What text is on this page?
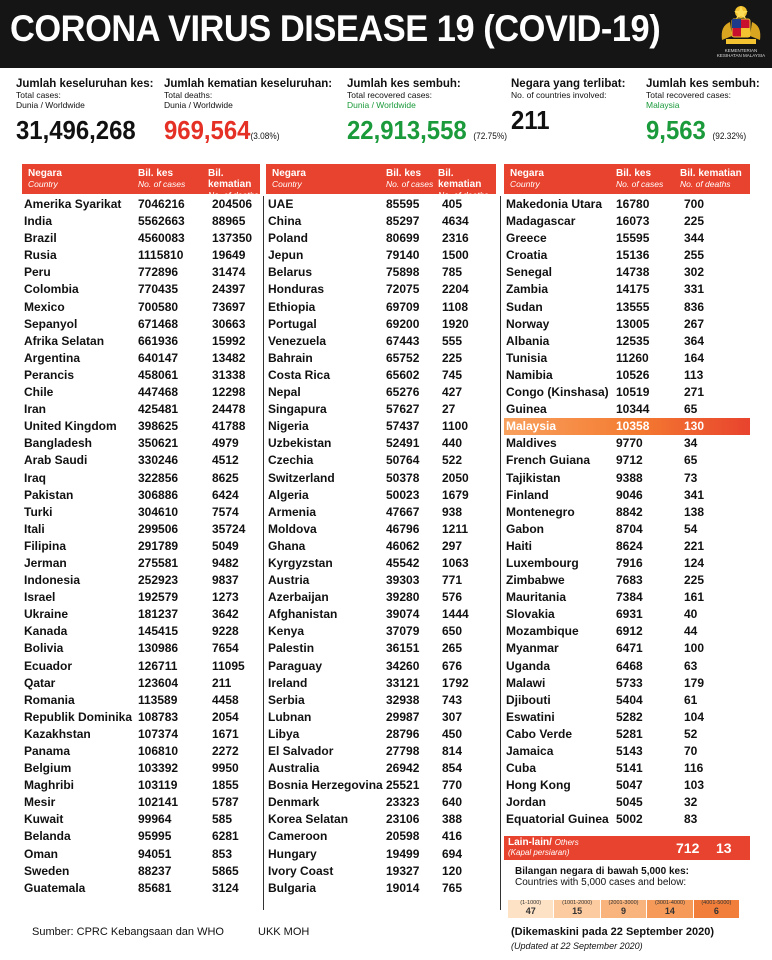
CORONA VIRUS DISEASE 19 (COVID-19)
KEMENTERIAN KESIHATAN MALAYSIA
Jumlah keseluruhan kes:
Total cases:
Dunia / Worldwide
31,496,268
Jumlah kematian keseluruhan:
Total deaths:
Dunia / Worldwide
969,564(3.08%)
Jumlah kes sembuh:
Total recovered cases:
Dunia / Worldwide
22,913,558 (72.75%)
Negara yang terlibat:
No. of countries involved:
211
Jumlah kes sembuh:
Total recovered cases:
Malaysia
9,563 (92.32%)
Negara
Country
Bil. kes
No. of cases
Bil. kematian
No. of deaths
Amerika Syarikat 7046216 204506
India	5562663 88965
Brazil	4560083 137350
Rusia	1115810 19649
Peru	772896	31474
Colombia	770435	24397
Mexico	700580	73697
Sepanyol	671468	30663
Afrika Selatan	661936	15992
Argentina	640147	13482
Perancis	458061	31338
Chile	447468	12298
Iran	425481	24478
United Kingdom 398625	41788
Bangladesh	350621	4979
Arab Saudi	330246	4512
Iraq	322856	8625
Pakistan	306886	6424
Turki	304610	7574
Itali	299506	35724
Filipina	291789	5049
Jerman	275581	9482
Indonesia	252923	9837
Israel	192579	1273
Ukraine	181237	3642
Kanada	145415	9228
Bolivia	130986	7654
Ecuador	126711	11095
Qatar	123604	211
Romania	113589	4458
Republik Dominika 108783	2054
Kazakhstan	107374	1671
Panama	106810	2272
Belgium	103392	9950
Maghribi	103119	1855
Mesir	102141	5787
Kuwait	99964	585
Belanda	95995	6281
Oman	94051	853
Sweden	88237	5865
Guatemala	85681	3124
Negara
Country
Bil. kes
No. of cases
Bil. kematian
No. of deaths
UAE	85595 405
China	85297 4634
Poland	80699 2316
Jepun	79140 1500
Belarus	75898 785
Honduras	72075 2204
Ethiopia	69709 1108
Portugal	69200 1920
Venezuela	67443 555
Bahrain	65752 225
Costa Rica	65602 745
Nepal	65276 427
Singapura	57627 27
Nigeria	57437 1100
Uzbekistan	52491 440
Czechia	50764 522
Switzerland	50378 2050
Algeria	50023 1679
Armenia	47667 938
Moldova	46796 1211
Ghana	46062 297
Kyrgyzstan	45542 1063
Austria	39303 771
Azerbaijan	39280 576
Afghanistan	39074 1444
Kenya	37079 650
Palestin	36151 265
Paraguay	34260 676
Ireland	33121 1792
Serbia	32938 743
Lubnan	29987 307
Libya	28796 450
El Salvador	27798 814
Australia	26942 854
Bosnia Herzegovina 25521 770
Denmark	23323 640
Korea Selatan	23106 388
Cameroon	20598 416
Hungary	19499 694
Ivory Coast	19327 120
Bulgaria	19014 765
Negara
Country
Bil. kes
No. of cases
Bil. kematian
No. of deaths
Makedonia Utara 16780	700
Madagascar	16073	225
Greece	15595	344
Croatia	15136	255
Senegal	14738	302
Zambia	14175	331
Sudan	13555	836
Norway	13005	267
Albania	12535	364
Tunisia	11260	164
Namibia	10526	113
Congo (Kinshasa) 10519	271
Guinea	10344	65
Malaysia	10358	130
Maldives	9770	34
French Guiana 9712	65
Tajikistan	9388	73
Finland	9046	341
Montenegro	8842	138
Gabon	8704	54
Haiti	8624	221
Luxembourg	7916	124
Zimbabwe	7683	225
Mauritania	7384	161
Slovakia	6931	40
Mozambique	6912	44
Myanmar	6471	100
Uganda	6468	63
Malawi	5733	179
Djibouti	5404	61
Eswatini	5282	104
Cabo Verde	5281	52
Jamaica	5143	70
Cuba	5141	116
Hong Kong	5047	103
Jordan	5045	32
Equatorial Guinea 5002	83
Lain-lain/ Others
(Kapal persiaran)	712 13
Bilangan negara di bawah 5,000 kes:
Countries with 5,000 cases and below:
(1-1000)
47
(1001-2000)
15
(2001-3000)
9
(3001-4000)
14
(4001-5000)
6
Sumber: CPRC Kebangsaan dan WHO	UKK MOH	(Dikemaskini pada 22 September 2020)
(Updated at 22 September 2020)
